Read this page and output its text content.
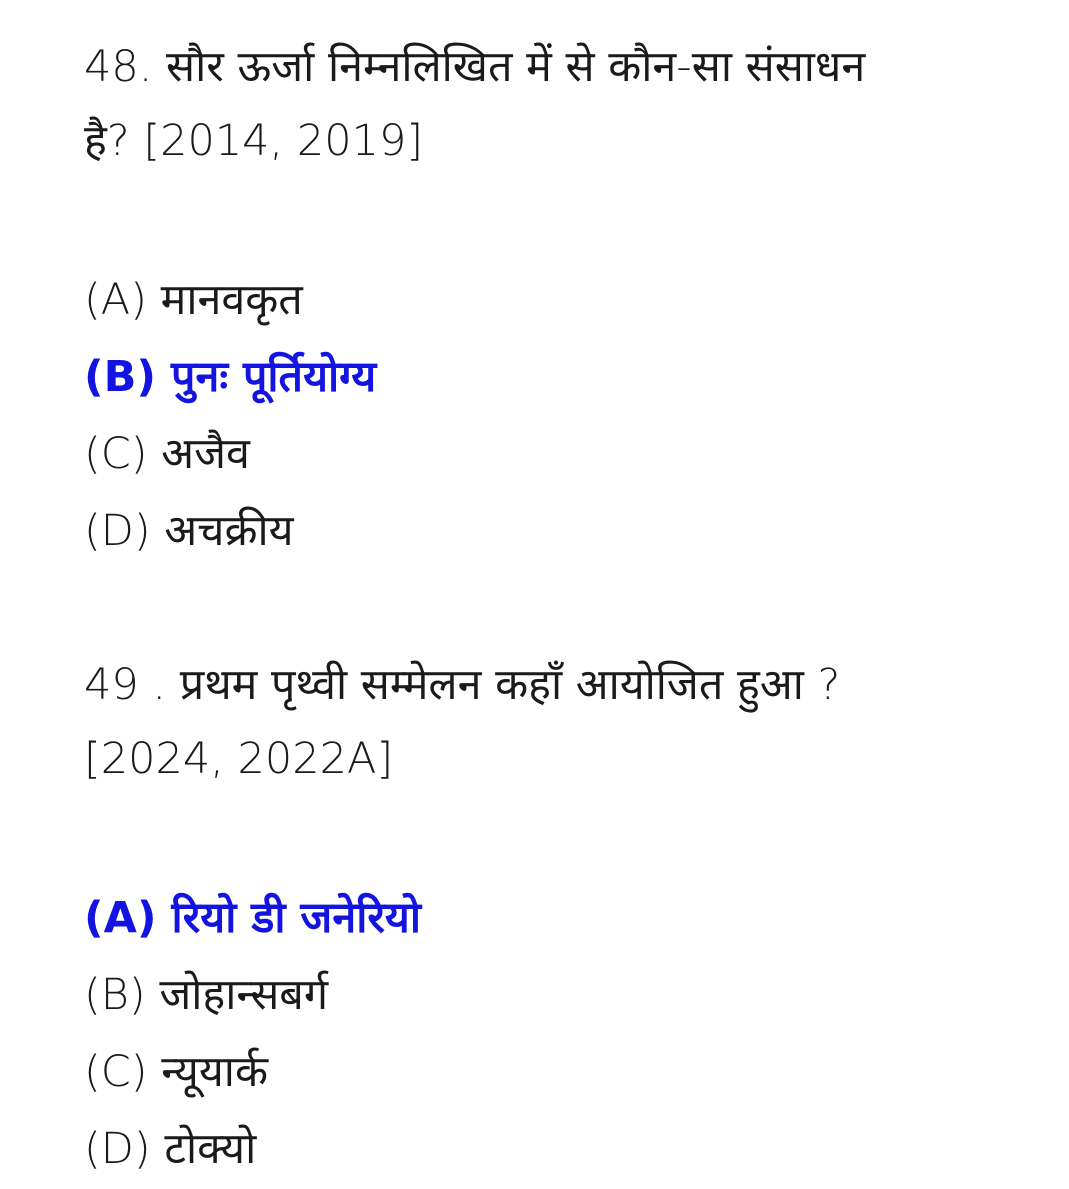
48. सौर ऊर्जा निम्नलिखित में से कौन-सा संसाधन
है? [2014, 2019]

(A) मानवकृत
(B) पुनः पूर्तियोग्य
(C) अजैव
(D) अचक्रीय

49 . प्रथम पृथ्वी सम्मेलन कहाँ आयोजित हुआ ?
[2024, 2022A]

(A) रियो डी जनेरियो
(B) जोहान्सबर्ग
(C) न्यूयार्क
(D) टोक्यो
